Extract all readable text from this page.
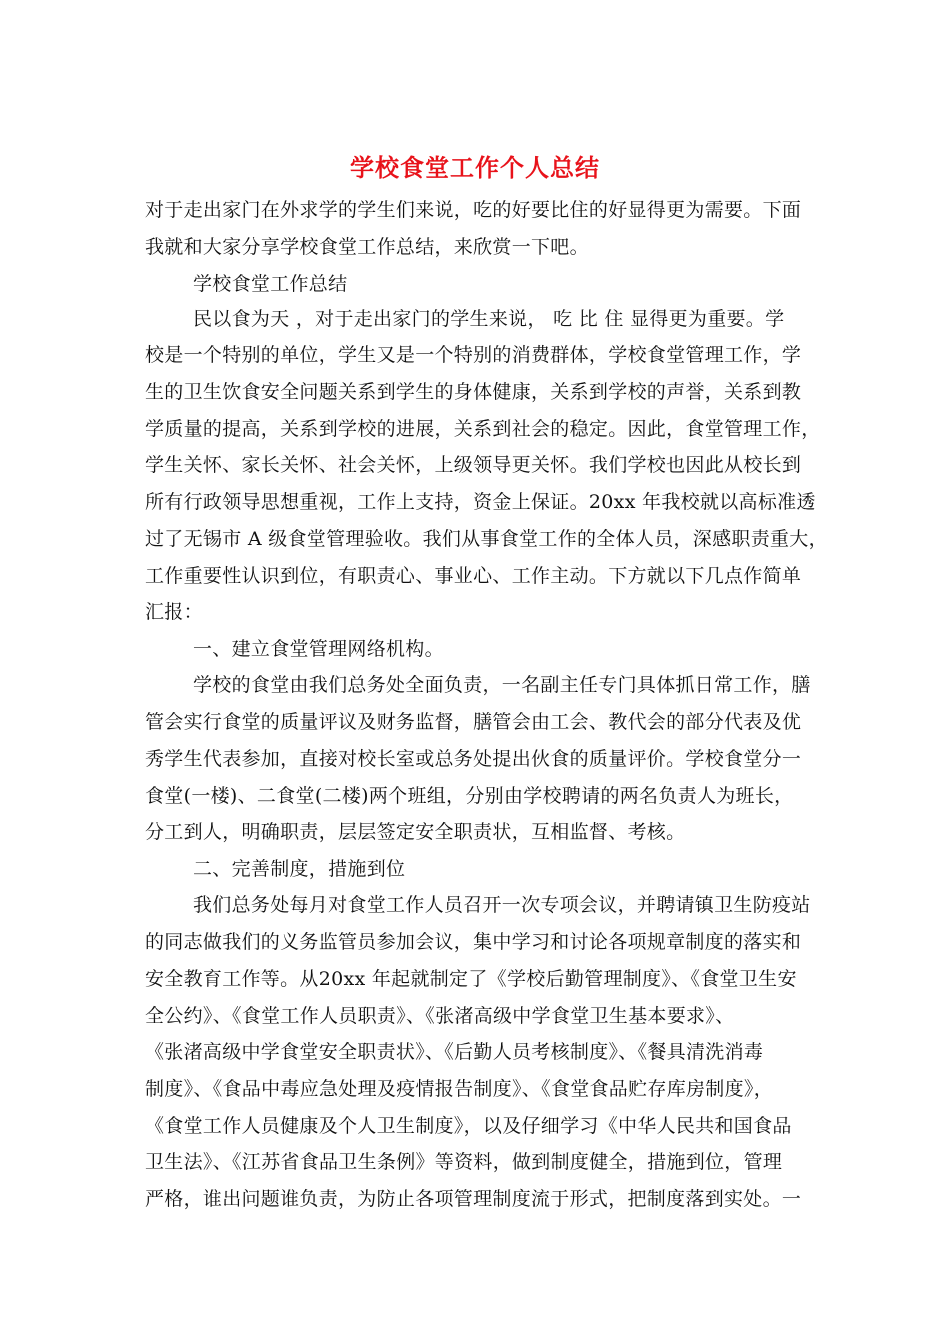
学校食堂工作个人总结
对于走出家门在外求学的学生们来说，吃的好要比住的好显得更为需要。下面
我就和大家分享学校食堂工作总结，来欣赏一下吧。
学校食堂工作总结
民以食为天 ，对于走出家门的学生来说， 吃 比 住 显得更为重要。学
校是一个特别的单位，学生又是一个特别的消费群体，学校食堂管理工作，学
生的卫生饮食安全问题关系到学生的身体健康，关系到学校的声誉，关系到教
学质量的提高，关系到学校的进展，关系到社会的稳定。因此，食堂管理工作，
学生关怀、家长关怀、社会关怀，上级领导更关怀。我们学校也因此从校长到
所有行政领导思想重视，工作上支持，资金上保证。20xx 年我校就以高标准透
过了无锡市 A 级食堂管理验收。我们从事食堂工作的全体人员，深感职责重大，
工作重要性认识到位，有职责心、事业心、工作主动。下方就以下几点作简单
汇报：
一、建立食堂管理网络机构。
学校的食堂由我们总务处全面负责，一名副主任专门具体抓日常工作，膳
管会实行食堂的质量评议及财务监督，膳管会由工会、教代会的部分代表及优
秀学生代表参加，直接对校长室或总务处提出伙食的质量评价。学校食堂分一
食堂(一楼)、二食堂(二楼)两个班组，分别由学校聘请的两名负责人为班长，
分工到人，明确职责，层层签定安全职责状，互相监督、考核。
二、完善制度，措施到位
我们总务处每月对食堂工作人员召开一次专项会议，并聘请镇卫生防疫站
的同志做我们的义务监管员参加会议，集中学习和讨论各项规章制度的落实和
安全教育工作等。从20xx 年起就制定了《学校后勤管理制度》、《食堂卫生安
全公约》、《食堂工作人员职责》、《张渚高级中学食堂卫生基本要求》、
《张渚高级中学食堂安全职责状》、《后勤人员考核制度》、《餐具清洗消毒
制度》、《食品中毒应急处理及疫情报告制度》、《食堂食品贮存库房制度》，
《食堂工作人员健康及个人卫生制度》，以及仔细学习《中华人民共和国食品
卫生法》、《江苏省食品卫生条例》等资料，做到制度健全，措施到位，管理
严格，谁出问题谁负责，为防止各项管理制度流于形式，把制度落到实处。一
